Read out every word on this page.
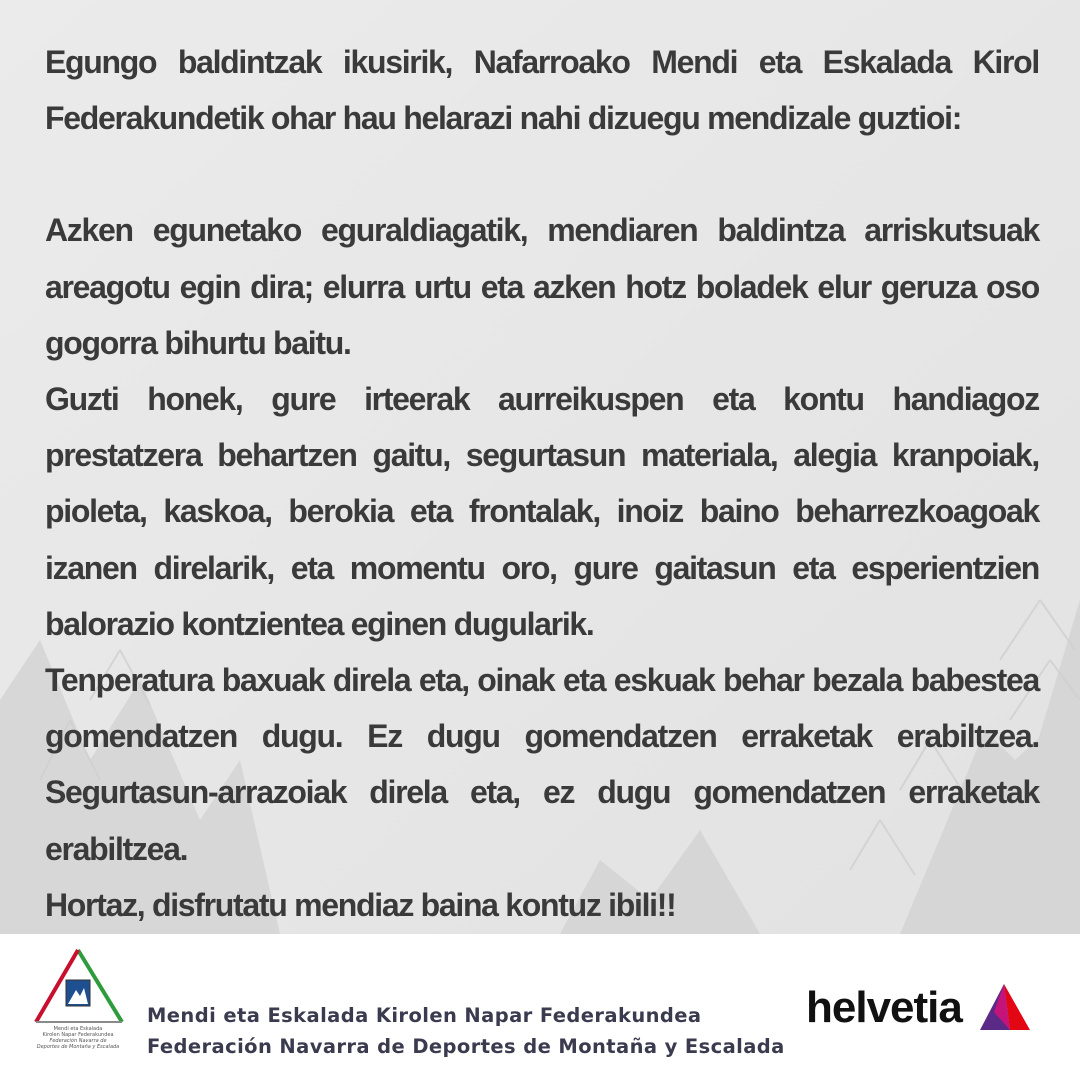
Egungo baldintzak ikusirik, Nafarroako Mendi eta Eskalada Kirol Federakundetik ohar hau helarazi nahi dizuegu mendizale guztioi:

Azken egunetako eguraldiagatik, mendiaren baldintza arriskutsuak areagotu egin dira; elurra urtu eta azken hotz boladek elur geruza oso gogorra bihurtu baitu.

Guzti honek, gure irteerak aurreikuspen eta kontu handiagoz prestatzera behartzen gaitu, segurtasun materiala, alegia kranpoiak, pioleta, kaskoa, berokia eta frontalak, inoiz baino beharrezkoagoak izanen direlarik, eta momentu oro, gure gaitasun eta esperientzien balorazio kontzientea eginen dugularik.

Tenperatura baxuak direla eta, oinak eta eskuak behar bezala babestea gomendatzen dugu. Ez dugu gomendatzen erraketak erabiltzea. Segurtasun-arrazoiak direla eta, ez dugu gomendatzen erraketak erabiltzea.

Hortaz, disfrutatu mendiaz baina kontuz ibili!!

Mendi eta Eskalada
Kirolen Napar Federakundea
Federación Navarra de
Deportes de Montaña y Escalada
Mendi eta Eskalada Kirolen Napar Federakundea
Federación Navarra de Deportes de Montaña y Escalada
helvetia
